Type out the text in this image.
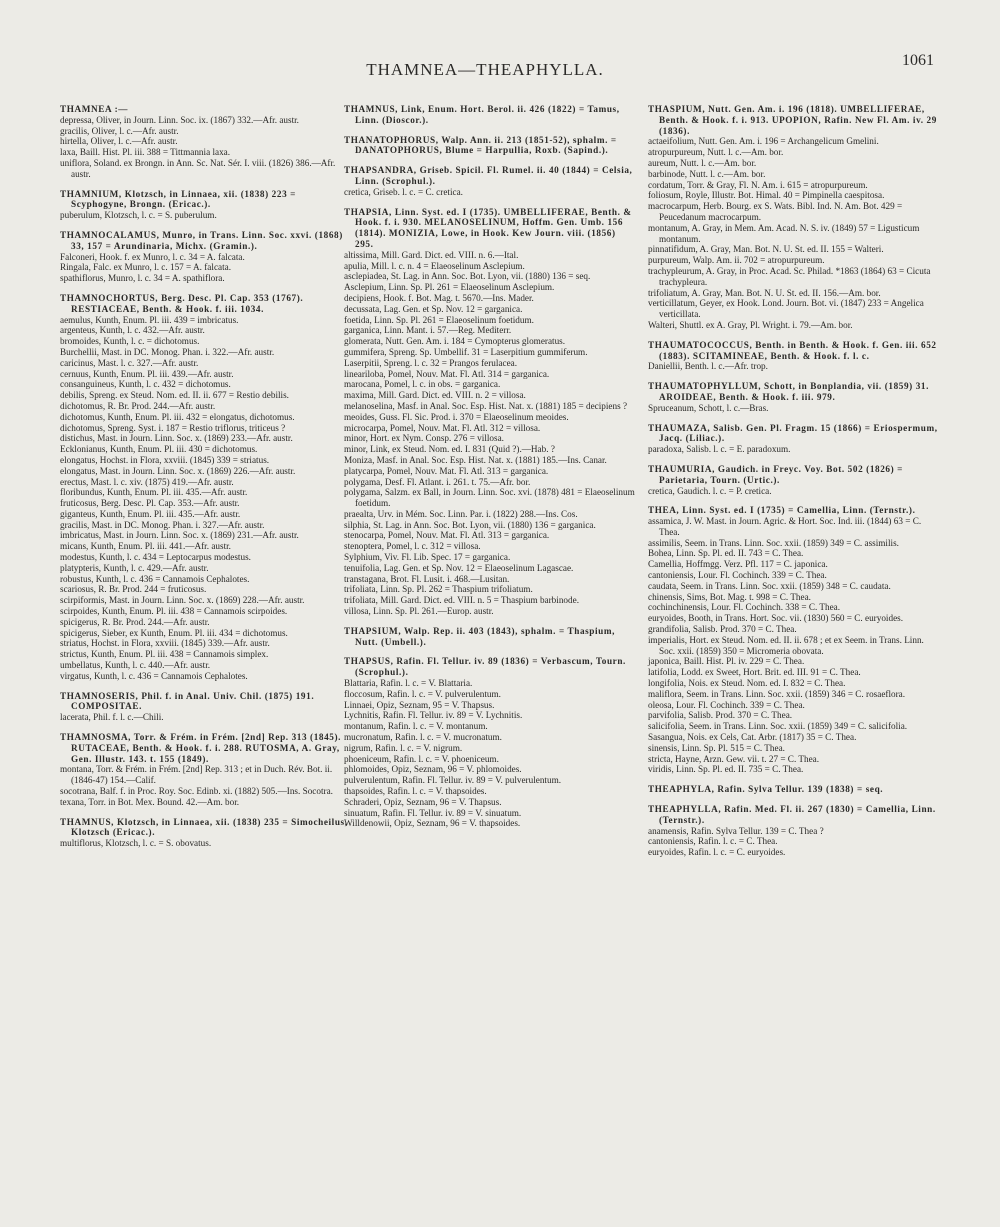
THAMNEA—THEAPHYLLA.	1061
THAMNEA :—
depressa, Oliver, in Journ. Linn. Soc. ix. (1867) 332.—Afr. austr.
gracilis, Oliver, l. c.—Afr. austr.
hirtella, Oliver, l. c.—Afr. austr.
laxa, Baill. Hist. Pl. iii. 388 = Tittmannia laxa.
uniflora, Soland. ex Brongn. in Ann. Sc. Nat. Sér. I. viii. (1826) 386.—Afr. austr.
THAMNIUM, Klotzsch, in Linnaea, xii. (1838) 223 = Scyphogyne, Brongn. (Ericac.).
puberulum, Klotzsch, l. c. = S. puberulum.
THAMNOCALAMUS, Munro, in Trans. Linn. Soc. xxvi. (1868) 33, 157 = Arundinaria, Michx. (Gramin.).
Falconeri, Hook. f. ex Munro, l. c. 34 = A. falcata.
Ringala, Falc. ex Munro, l. c. 157 = A. falcata.
spathiflorus, Munro, l. c. 34 = A. spathiflora.
THAMNOCHORTUS, Berg. Desc. Pl. Cap. 353 (1767). RESTIACEAE, Benth. & Hook. f. iii. 1034.
aemulus, Kunth, Enum. Pl. iii. 439 = imbricatus.
argenteus, Kunth, l. c. 432.—Afr. austr.
bromoides, Kunth, l. c. = dichotomus.
Burchellii, Mast. in DC. Monog. Phan. i. 322.—Afr. austr.
caricinus, Mast. l. c. 327.—Afr. austr.
cernuus, Kunth, Enum. Pl. iii. 439.—Afr. austr.
consanguineus, Kunth, l. c. 432 = dichotomus.
debilis, Spreng. ex Steud. Nom. ed. II. ii. 677 = Restio debilis.
dichotomus, R. Br. Prod. 244.—Afr. austr.
dichotomus, Kunth, Enum. Pl. iii. 432 = elongatus, dichotomus.
dichotomus, Spreng. Syst. i. 187 = Restio triflorus, triticeus ?
distichus, Mast. in Journ. Linn. Soc. x. (1869) 233.—Afr. austr.
Ecklonianus, Kunth, Enum. Pl. iii. 430 = dichotomus.
elongatus, Hochst. in Flora, xxviii. (1845) 339 = striatus.
elongatus, Mast. in Journ. Linn. Soc. x. (1869) 226.—Afr. austr.
erectus, Mast. l. c. xiv. (1875) 419.—Afr. austr.
floribundus, Kunth, Enum. Pl. iii. 435.—Afr. austr.
fruticosus, Berg. Desc. Pl. Cap. 353.—Afr. austr.
giganteus, Kunth, Enum. Pl. iii. 435.—Afr. austr.
gracilis, Mast. in DC. Monog. Phan. i. 327.—Afr. austr.
imbricatus, Mast. in Journ. Linn. Soc. x. (1869) 231.—Afr. austr.
micans, Kunth, Enum. Pl. iii. 441.—Afr. austr.
modestus, Kunth, l. c. 434 = Leptocarpus modestus.
platypteris, Kunth, l. c. 429.—Afr. austr.
robustus, Kunth, l. c. 436 = Cannamois Cephalotes.
scariosus, R. Br. Prod. 244 = fruticosus.
scirpiformis, Mast. in Journ. Linn. Soc. x. (1869) 228.—Afr. austr.
scirpoides, Kunth, Enum. Pl. iii. 438 = Cannamois scirpoides.
spicigerus, R. Br. Prod. 244.—Afr. austr.
spicigerus, Sieber, ex Kunth, Enum. Pl. iii. 434 = dichotomus.
striatus, Hochst. in Flora, xxviii. (1845) 339.—Afr. austr.
strictus, Kunth, Enum. Pl. iii. 438 = Cannamois simplex.
umbellatus, Kunth, l. c. 440.—Afr. austr.
virgatus, Kunth, l. c. 436 = Cannamois Cephalotes.
THAMNOSERIS, Phil. f. in Anal. Univ. Chil. (1875) 191. COMPOSITAE.
lacerata, Phil. f. l. c.—Chili.
THAMNOSMA, Torr. & Frém. in Frém. [2nd] Rep. 313 (1845). RUTACEAE, Benth. & Hook. f. i. 288. RUTOSMA, A. Gray, Gen. Illustr. 143. t. 155 (1849).
montana, Torr. & Frém. in Frém. [2nd] Rep. 313 ; et in Duch. Rév. Bot. ii. (1846-47) 154.—Calif.
socotrana, Balf. f. in Proc. Roy. Soc. Edinb. xi. (1882) 505.—Ins. Socotra.
texana, Torr. in Bot. Mex. Bound. 42.—Am. bor.
THAMNUS, Klotzsch, in Linnaea, xii. (1838) 235 = Simocheilus, Klotzsch (Ericac.).
multiflorus, Klotzsch, l. c. = S. obovatus.
THAMNUS, Link, Enum. Hort. Berol. ii. 426 (1822) = Tamus, Linn. (Dioscor.).
THANATOPHORUS, Walp. Ann. ii. 213 (1851-52), sphalm. = DANATOPHORUS, Blume = Harpullia, Roxb. (Sapind.).
THAPSANDRA, Griseb. Spicil. Fl. Rumel. ii. 40 (1844) = Celsia, Linn. (Scrophul.).
cretica, Griseb. l. c. = C. cretica.
THAPSIA, Linn. Syst. ed. I (1735). UMBELLIFERAE, Benth. & Hook. f. i. 930. MELANOSELINUM, Hoffm. Gen. Umb. 156 (1814). MONIZIA, Lowe, in Hook. Kew Journ. viii. (1856) 295.
altissima, Mill. Gard. Dict. ed. VIII. n. 6.—Ital.
apulia, Mill. l. c. n. 4 = Elaeoselinum Asclepium.
asclepiadea, St. Lag. in Ann. Soc. Bot. Lyon, vii. (1880) 136 = seq.
Asclepium, Linn. Sp. Pl. 261 = Elaeoselinum Asclepium.
decipiens, Hook. f. Bot. Mag. t. 5670.—Ins. Mader.
decussata, Lag. Gen. et Sp. Nov. 12 = garganica.
foetida, Linn. Sp. Pl. 261 = Elaeoselinum foetidum.
garganica, Linn. Mant. i. 57.—Reg. Mediterr.
glomerata, Nutt. Gen. Am. i. 184 = Cymopterus glomeratus.
gummifera, Spreng. Sp. Umbellif. 31 = Laserpitium gummiferum.
Laserpitii, Spreng. l. c. 32 = Prangos ferulacea.
lineariloba, Pomel, Nouv. Mat. Fl. Atl. 314 = garganica.
marocana, Pomel, l. c. in obs. = garganica.
maxima, Mill. Gard. Dict. ed. VIII. n. 2 = villosa.
melanoselina, Masf. in Anal. Soc. Esp. Hist. Nat. x. (1881) 185 = decipiens ?
meoides, Guss. Fl. Sic. Prod. i. 370 = Elaeoselinum meoides.
microcarpa, Pomel, Nouv. Mat. Fl. Atl. 312 = villosa.
minor, Hort. ex Nym. Consp. 276 = villosa.
minor, Link, ex Steud. Nom. ed. I. 831 (Quid ?).—Hab. ?
Moniza, Masf. in Anal. Soc. Esp. Hist. Nat. x. (1881) 185.—Ins. Canar.
platycarpa, Pomel, Nouv. Mat. Fl. Atl. 313 = garganica.
polygama, Desf. Fl. Atlant. i. 261. t. 75.—Afr. bor.
polygama, Salzm. ex Ball, in Journ. Linn. Soc. xvi. (1878) 481 = Elaeoselinum foetidum.
praealta, Urv. in Mém. Soc. Linn. Par. i. (1822) 288.—Ins. Cos.
silphia, St. Lag. in Ann. Soc. Bot. Lyon, vii. (1880) 136 = garganica.
stenocarpa, Pomel, Nouv. Mat. Fl. Atl. 313 = garganica.
stenoptera, Pomel, l. c. 312 = villosa.
Sylphium, Viv. Fl. Lib. Spec. 17 = garganica.
tenuifolia, Lag. Gen. et Sp. Nov. 12 = Elaeoselinum Lagascae.
transtagana, Brot. Fl. Lusit. i. 468.—Lusitan.
trifoliata, Linn. Sp. Pl. 262 = Thaspium trifoliatum.
trifoliata, Mill. Gard. Dict. ed. VIII. n. 5 = Thaspium barbinode.
villosa, Linn. Sp. Pl. 261.—Europ. austr.
THAPSIUM, Walp. Rep. ii. 403 (1843), sphalm. = Thaspium, Nutt. (Umbell.).
THAPSUS, Rafin. Fl. Tellur. iv. 89 (1836) = Verbascum, Tourn. (Scrophul.).
Blattaria, Rafin. l. c. = V. Blattaria.
floccosum, Rafin. l. c. = V. pulverulentum.
Linnaei, Opiz, Seznam, 95 = V. Thapsus.
Lychnitis, Rafin. Fl. Tellur. iv. 89 = V. Lychnitis.
montanum, Rafin. l. c. = V. montanum.
mucronatum, Rafin. l. c. = V. mucronatum.
nigrum, Rafin. l. c. = V. nigrum.
phoeniceum, Rafin. l. c. = V. phoeniceum.
phlomoides, Opiz, Seznam, 96 = V. phlomoides.
pulverulentum, Rafin. Fl. Tellur. iv. 89 = V. pulverulentum.
thapsoides, Rafin. l. c. = V. thapsoides.
Schraderi, Opiz, Seznam, 96 = V. Thapsus.
sinuatum, Rafin. Fl. Tellur. iv. 89 = V. sinuatum.
Willdenowii, Opiz, Seznam, 96 = V. thapsoides.
THASPIUM, Nutt. Gen. Am. i. 196 (1818). UMBELLIFERAE, Benth. & Hook. f. i. 913. UPOPION, Rafin. New Fl. Am. iv. 29 (1836).
actaeifolium, Nutt. Gen. Am. i. 196 = Archangelicum Gmelini.
atropurpureum, Nutt. l. c.—Am. bor.
aureum, Nutt. l. c.—Am. bor.
barbinode, Nutt. l. c.—Am. bor.
cordatum, Torr. & Gray, Fl. N. Am. i. 615 = atropurpureum.
foliosum, Royle, Illustr. Bot. Himal. 40 = Pimpinella caespitosa.
macrocarpum, Herb. Bourg. ex S. Wats. Bibl. Ind. N. Am. Bot. 429 = Peucedanum macrocarpum.
montanum, A. Gray, in Mem. Am. Acad. N. S. iv. (1849) 57 = Ligusticum montanum.
pinnatifidum, A. Gray, Man. Bot. N. U. St. ed. II. 155 = Walteri.
purpureum, Walp. Am. ii. 702 = atropurpureum.
trachypleurum, A. Gray, in Proc. Acad. Sc. Philad. *1863 (1864) 63 = Cicuta trachypleura.
trifoliatum, A. Gray, Man. Bot. N. U. St. ed. II. 156.—Am. bor.
verticillatum, Geyer, ex Hook. Lond. Journ. Bot. vi. (1847) 233 = Angelica verticillata.
Walteri, Shuttl. ex A. Gray, Pl. Wright. i. 79.—Am. bor.
THAUMATOCOCCUS, Benth. in Benth. & Hook. f. Gen. iii. 652 (1883). SCITAMINEAE, Benth. & Hook. f. l. c.
Daniellii, Benth. l. c.—Afr. trop.
THAUMATOPHYLLUM, Schott, in Bonplandia, vii. (1859) 31. AROIDEAE, Benth. & Hook. f. iii. 979.
Spruceanum, Schott, l. c.—Bras.
THAUMAZA, Salisb. Gen. Pl. Fragm. 15 (1866) = Eriospermum, Jacq. (Liliac.).
paradoxa, Salisb. l. c. = E. paradoxum.
THAUMURIA, Gaudich. in Freyc. Voy. Bot. 502 (1826) = Parietaria, Tourn. (Urtic.).
cretica, Gaudich. l. c. = P. cretica.
THEA, Linn. Syst. ed. I (1735) = Camellia, Linn. (Ternstr.).
assamica, J. W. Mast. in Journ. Agric. & Hort. Soc. Ind. iii. (1844) 63 = C. Thea.
assimilis, Seem. in Trans. Linn. Soc. xxii. (1859) 349 = C. assimilis.
Bohea, Linn. Sp. Pl. ed. II. 743 = C. Thea.
Camellia, Hoffmgg. Verz. Pfl. 117 = C. japonica.
cantoniensis, Lour. Fl. Cochinch. 339 = C. Thea.
caudata, Seem. in Trans. Linn. Soc. xxii. (1859) 348 = C. caudata.
chinensis, Sims, Bot. Mag. t. 998 = C. Thea.
cochinchinensis, Lour. Fl. Cochinch. 338 = C. Thea.
euryoides, Booth, in Trans. Hort. Soc. vii. (1830) 560 = C. euryoides.
grandifolia, Salisb. Prod. 370 = C. Thea.
imperialis, Hort. ex Steud. Nom. ed. II. ii. 678 ; et ex Seem. in Trans. Linn. Soc. xxii. (1859) 350 = Micromeria obovata.
japonica, Baill. Hist. Pl. iv. 229 = C. Thea.
latifolia, Lodd. ex Sweet, Hort. Brit. ed. III. 91 = C. Thea.
longifolia, Nois. ex Steud. Nom. ed. I. 832 = C. Thea.
maliflora, Seem. in Trans. Linn. Soc. xxii. (1859) 346 = C. rosaeflora.
oleosa, Lour. Fl. Cochinch. 339 = C. Thea.
parvifolia, Salisb. Prod. 370 = C. Thea.
salicifolia, Seem. in Trans. Linn. Soc. xxii. (1859) 349 = C. salicifolia.
Sasangua, Nois. ex Cels, Cat. Arbr. (1817) 35 = C. Thea.
sinensis, Linn. Sp. Pl. 515 = C. Thea.
stricta, Hayne, Arzn. Gew. vii. t. 27 = C. Thea.
viridis, Linn. Sp. Pl. ed. II. 735 = C. Thea.
THEAPHYLA, Rafin. Sylva Tellur. 139 (1838) = seq.
THEAPHYLLA, Rafin. Med. Fl. ii. 267 (1830) = Camellia, Linn. (Ternstr.).
anamensis, Rafin. Sylva Tellur. 139 = C. Thea ?
cantoniensis, Rafin. l. c. = C. Thea.
euryoides, Rafin. l. c. = C. euryoides.
